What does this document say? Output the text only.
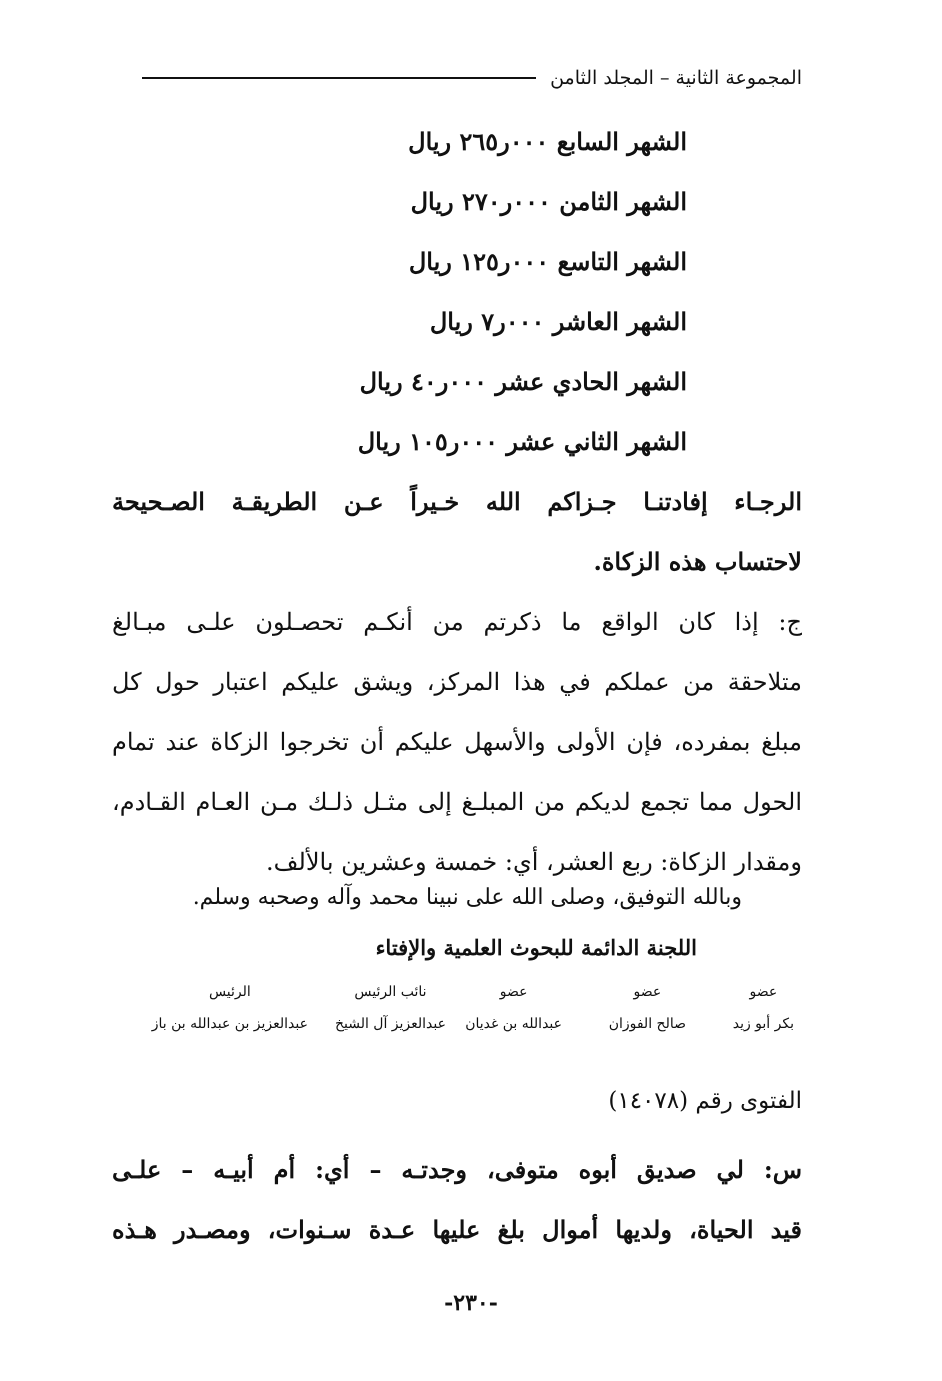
المجموعة الثانية – المجلد الثامن
الشهر السابع ٠٠٠ر٢٦٥ ريال
الشهر الثامن ٠٠٠ر٢٧٠ ريال
الشهر التاسع ٠٠٠ر١٢٥ ريال
الشهر العاشر ٠٠٠ر٧ ريال
الشهر الحادي عشر ٠٠٠ر٤٠ ريال
الشهر الثاني عشر ٠٠٠ر١٠٥ ريال
الرجـاء إفادتنـا جـزاكم الله خـيراً عـن الطريقـة الصـحيحة
لاحتساب هذه الزكاة.
ج: إذا كان الواقع ما ذكرتم من أنكـم تحصـلون علـى مبـالغ
متلاحقة من عملكم في هذا المركز، ويشق عليكم اعتبار حول كل
مبلغ بمفرده، فإن الأولى والأسهل عليكم أن تخرجوا الزكاة عند تمام
الحول مما تجمع لديكم من المبلـغ إلى مثـل ذلـك مـن العـام القـادم،
ومقدار الزكاة: ربع العشر، أي: خمسة وعشرين بالألف.
وبالله التوفيق، وصلى الله على نبينا محمد وآله وصحبه وسلم.
اللجنة الدائمة للبحوث العلمية والإفتاء
عضو
بكر أبو زيد
عضو
صالح الفوزان
عضو
عبدالله بن غديان
نائب الرئيس
عبدالعزيز آل الشيخ
الرئيس
عبدالعزيز بن عبدالله بن باز
الفتوى رقم (١٤٠٧٨)
س: لي صديق أبوه متوفى، وجدتـه – أي: أم أبيـه – علـى
قيد الحياة، ولديها أموال بلغ عليها عـدة سـنوات، ومصـدر هـذه
-٢٣٠-
